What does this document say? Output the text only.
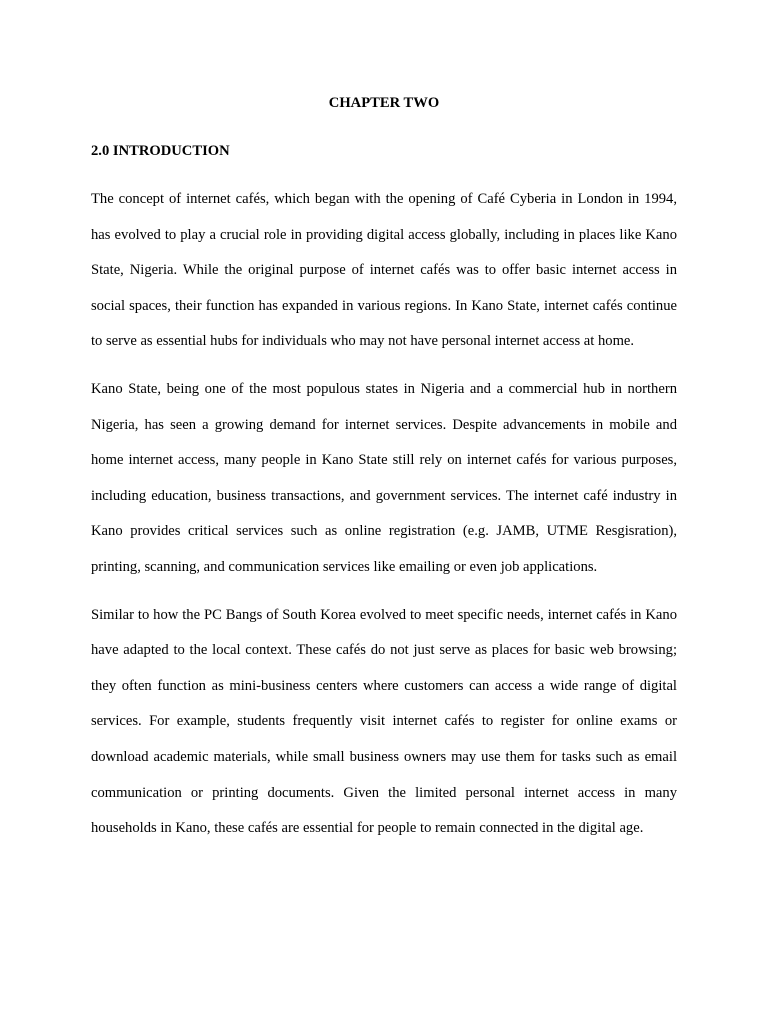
CHAPTER TWO
2.0 INTRODUCTION

The concept of internet cafés, which began with the opening of Café Cyberia in London in 1994, has evolved to play a crucial role in providing digital access globally, including in places like Kano State, Nigeria. While the original purpose of internet cafés was to offer basic internet access in social spaces, their function has expanded in various regions. In Kano State, internet cafés continue to serve as essential hubs for individuals who may not have personal internet access at home.

Kano State, being one of the most populous states in Nigeria and a commercial hub in northern Nigeria, has seen a growing demand for internet services. Despite advancements in mobile and home internet access, many people in Kano State still rely on internet cafés for various purposes, including education, business transactions, and government services. The internet café industry in Kano provides critical services such as online registration (e.g. JAMB, UTME Resgisration), printing, scanning, and communication services like emailing or even job applications.

Similar to how the PC Bangs of South Korea evolved to meet specific needs, internet cafés in Kano have adapted to the local context. These cafés do not just serve as places for basic web browsing; they often function as mini-business centers where customers can access a wide range of digital services. For example, students frequently visit internet cafés to register for online exams or download academic materials, while small business owners may use them for tasks such as email communication or printing documents. Given the limited personal internet access in many households in Kano, these cafés are essential for people to remain connected in the digital age.
